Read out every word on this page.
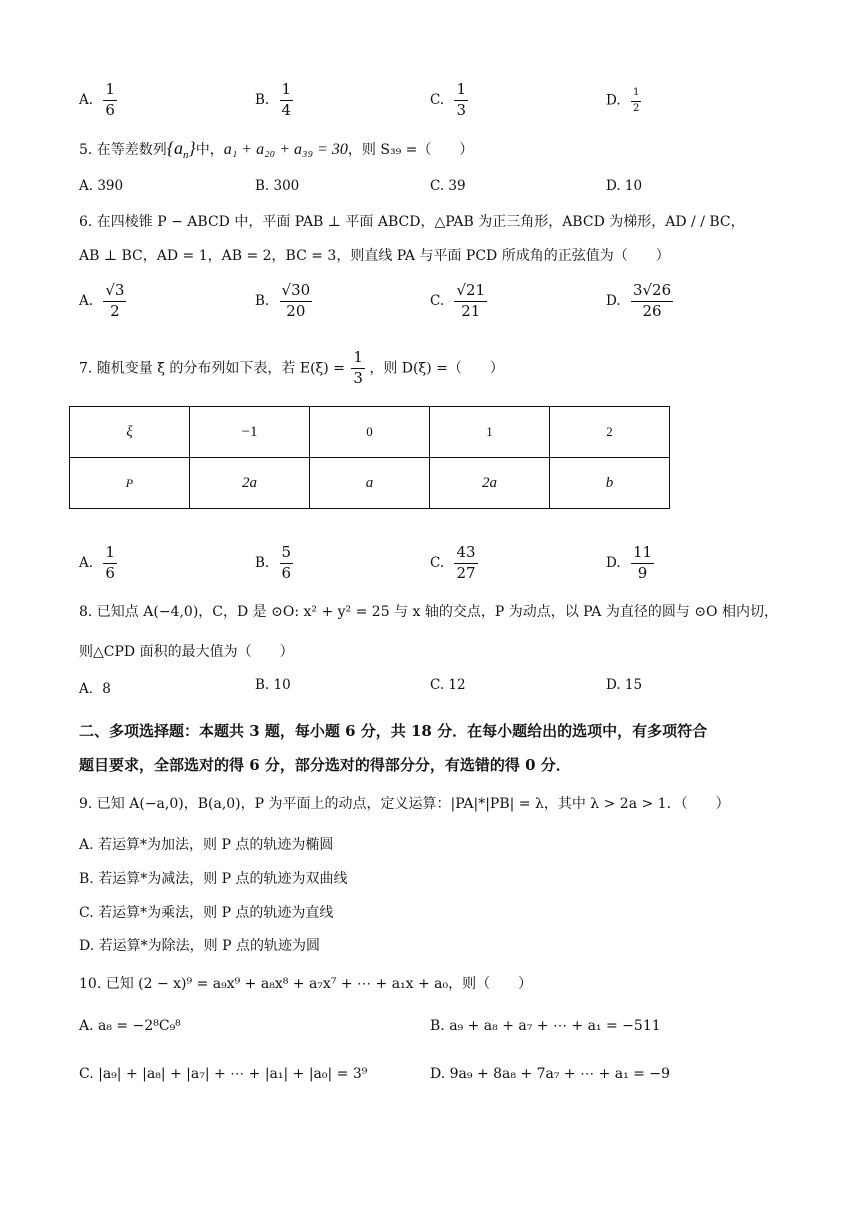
A. $\frac{1}{6}$	B. $\frac{1}{4}$	C. $\frac{1}{3}$	D. $\frac{1}{2}$
5. 在等差数列$\{a_n\}$中，a₁ + a₂₀ + a₃₉ = 30，则 S₃₉ =（　　）
A. 390	B. 300	C. 39	D. 10
6. 在四棱锥 P − ABCD 中，平面 PAB ⊥ 平面 ABCD，△PAB 为正三角形，ABCD 为梯形，AD / / BC，
AB ⊥ BC，AD = 1，AB = 2，BC = 3，则直线 PA 与平面 PCD 所成角的正弦值为（　　）
A. $\frac{√3}{2}$	B. $\frac{√30}{20}$	C. $\frac{√21}{21}$	D. $\frac{3√26}{26}$
7. 随机变量 ξ 的分布列如下表，若 $E(\xi) = \frac{1}{3}$ ，则 D(ξ) =（　　）
ξ	−1	0	1	2
P	2a	a	2a	b
A. $\frac{1}{6}$	B. $\frac{5}{6}$	C. $\frac{43}{27}$	D. $\frac{11}{9}$
8. 已知点 A(−4,0)，C，D 是 ⊙O: x² + y² = 25 与 x 轴的交点，P 为动点，以 PA 为直径的圆与 ⊙O 相内切，
则△CPD 面积的最大值为（　　）
A．8	B. 10	C. 12	D. 15
二、多项选择题：本题共 3 题，每小题 6 分，共 18 分．在每小题给出的选项中，有多项符合
题目要求，全部选对的得 6 分，部分选对的得部分分，有选错的得 0 分．
9. 已知 A(−a,0)，B(a,0)，P 为平面上的动点，定义运算：|PA|*|PB| = λ，其中 λ > 2a > 1．（　　）
A. 若运算*为加法，则 P 点的轨迹为椭圆
B. 若运算*为减法，则 P 点的轨迹为双曲线
C. 若运算*为乘法，则 P 点的轨迹为直线
D. 若运算*为除法，则 P 点的轨迹为圆
10. 已知 (2 − x)⁹ = a₉x⁹ + a₈x⁸ + a₇x⁷ + ⋯ + a₁x + a₀，则（　　）
A. a₈ = −2⁸C₉⁸	B. a₉ + a₈ + a₇ + ⋯ + a₁ = −511
C. |a₉| + |a₈| + |a₇| + ⋯ + |a₁| + |a₀| = 3⁹	D. 9a₉ + 8a₈ + 7a₇ + ⋯ + a₁ = −9
